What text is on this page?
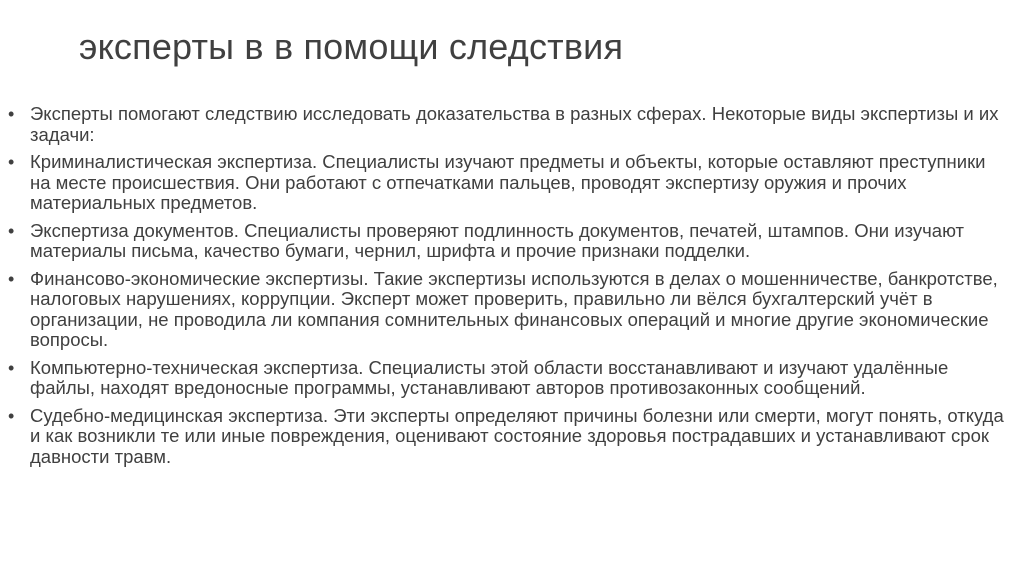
эксперты в в помощи следствия
• Эксперты помогают следствию исследовать доказательства в разных сферах. Некоторые виды экспертизы и их задачи:
• Криминалистическая экспертиза. Специалисты изучают предметы и объекты, которые оставляют преступники на месте происшествия. Они работают с отпечатками пальцев, проводят экспертизу оружия и прочих материальных предметов.
• Экспертиза документов. Специалисты проверяют подлинность документов, печатей, штампов. Они изучают материалы письма, качество бумаги, чернил, шрифта и прочие признаки подделки.
• Финансово-экономические экспертизы. Такие экспертизы используются в делах о мошенничестве, банкротстве, налоговых нарушениях, коррупции. Эксперт может проверить, правильно ли вёлся бухгалтерский учёт в организации, не проводила ли компания сомнительных финансовых операций и многие другие экономические вопросы.
• Компьютерно-техническая экспертиза. Специалисты этой области восстанавливают и изучают удалённые файлы, находят вредоносные программы, устанавливают авторов противозаконных сообщений.
• Судебно-медицинская экспертиза. Эти эксперты определяют причины болезни или смерти, могут понять, откуда и как возникли те или иные повреждения, оценивают состояние здоровья пострадавших и устанавливают срок давности травм.
